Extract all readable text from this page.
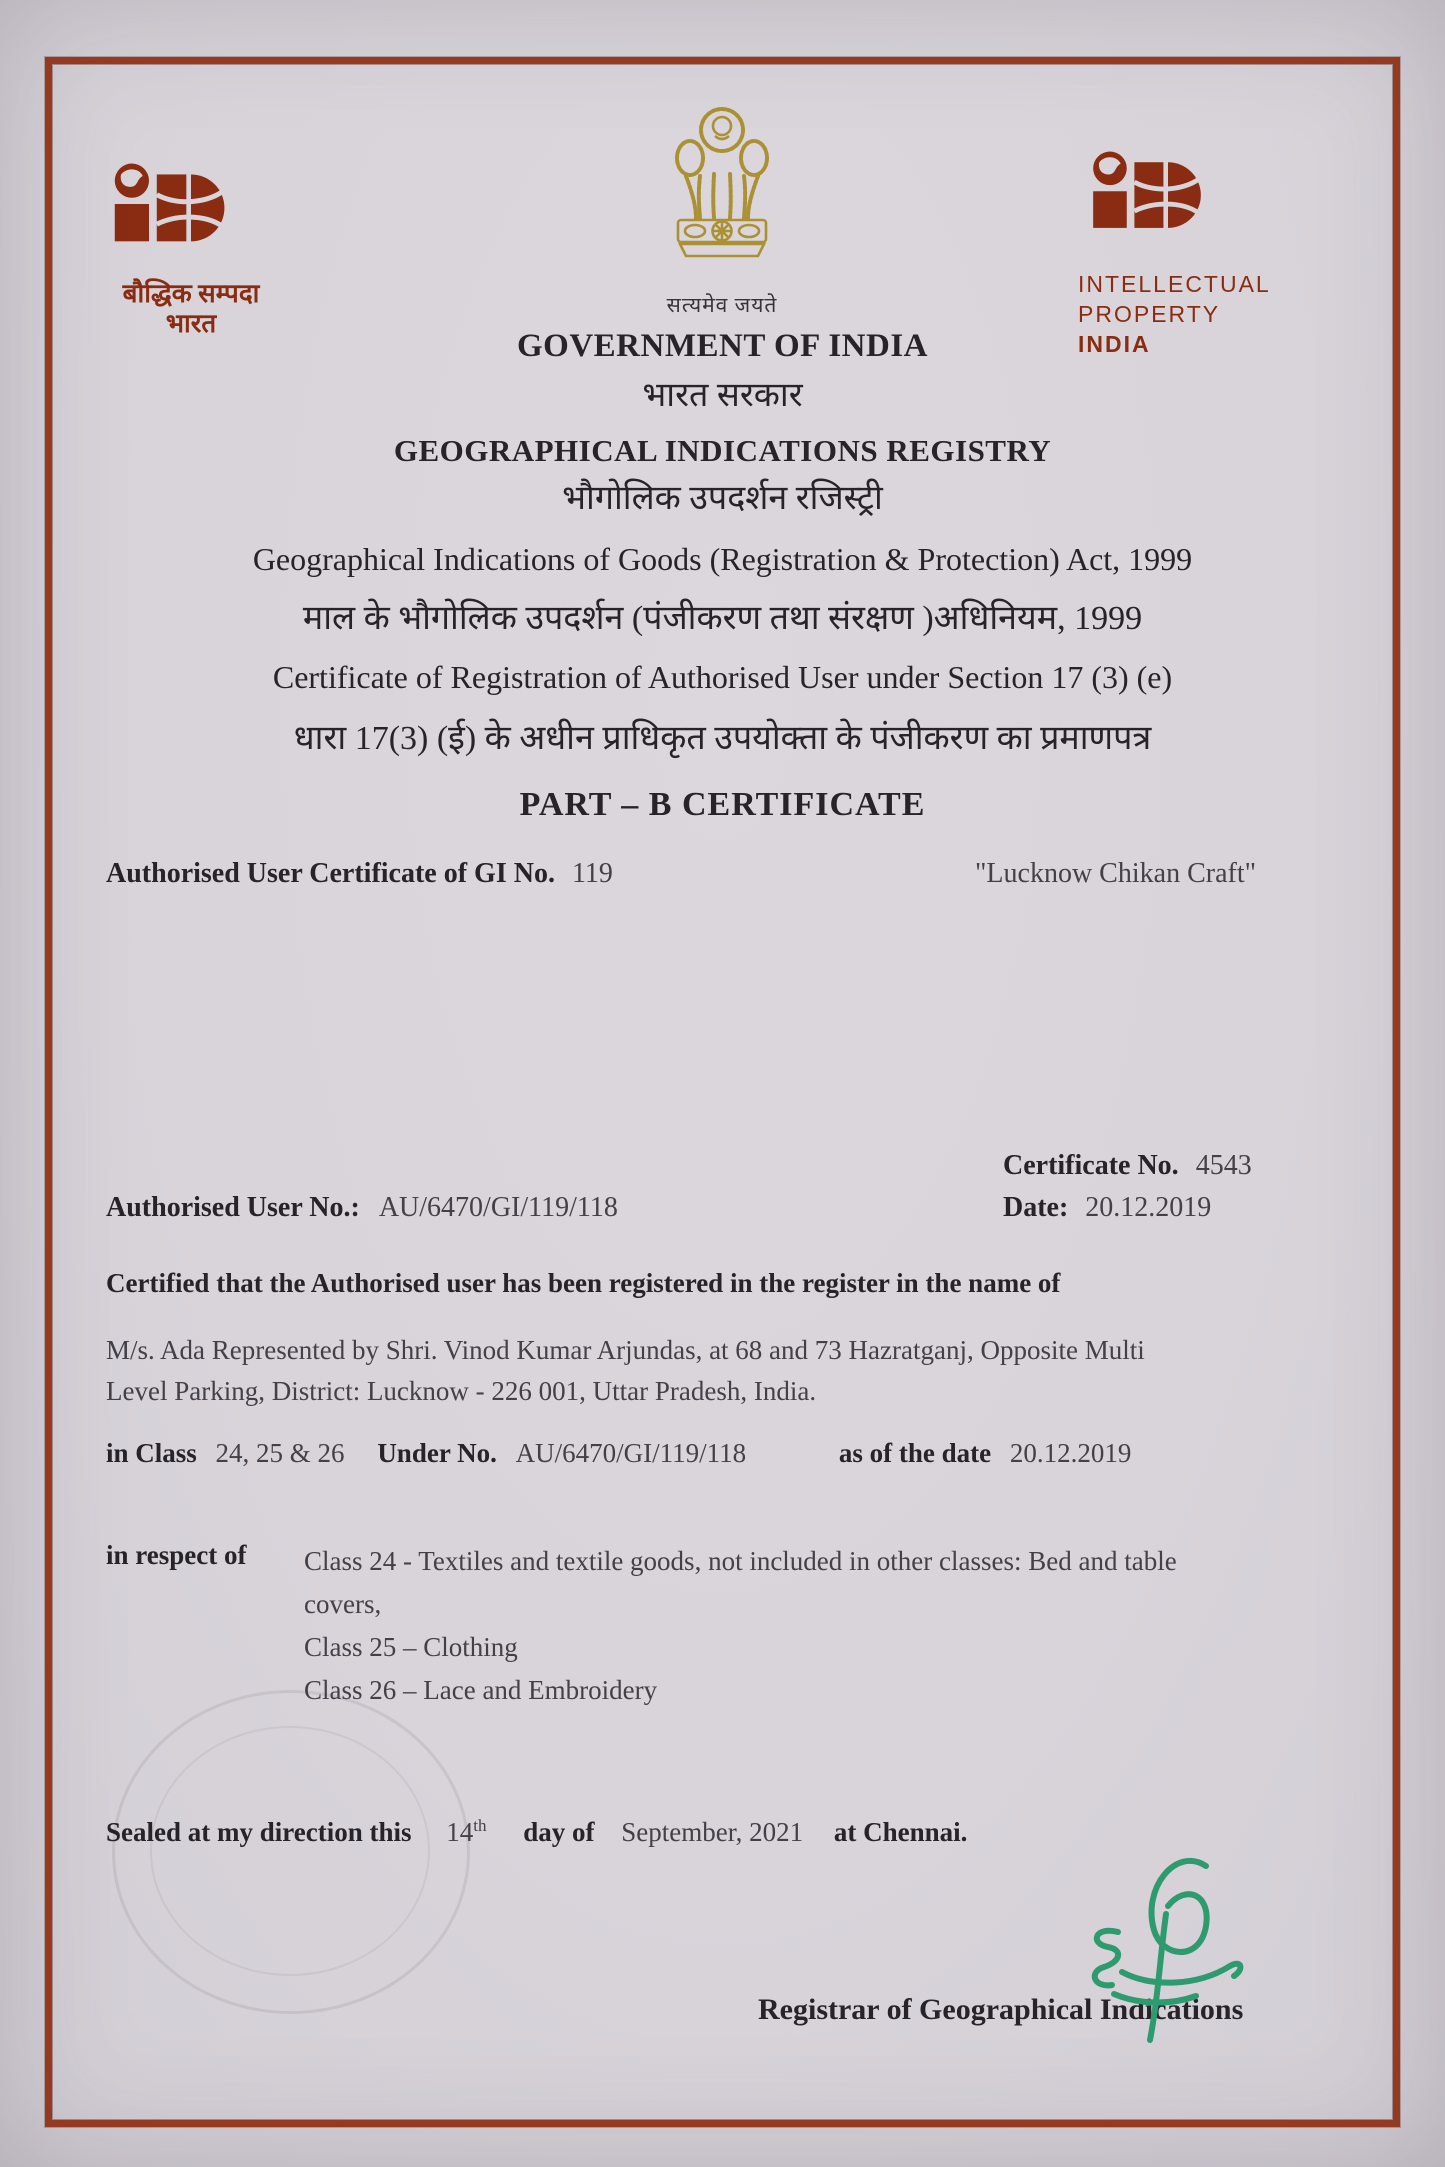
बौद्धिक सम्पदा
भारत
सत्यमेव जयते
INTELLECTUAL
PROPERTY INDIA
GOVERNMENT OF INDIA
भारत सरकार
GEOGRAPHICAL INDICATIONS REGISTRY
भौगोलिक उपदर्शन रजिस्ट्री
Geographical Indications of Goods (Registration & Protection) Act, 1999
माल के भौगोलिक उपदर्शन (पंजीकरण तथा संरक्षण )अधिनियम, 1999
Certificate of Registration of Authorised User under Section 17 (3) (e)
धारा 17(3) (ई) के अधीन प्राधिकृत उपयोक्ता के पंजीकरण का प्रमाणपत्र
PART – B CERTIFICATE
Authorised User Certificate of GI No. 119	"Lucknow Chikan Craft"
Certificate No. 4543
Authorised User No.: AU/6470/GI/119/118	Date: 20.12.2019
Certified that the Authorised user has been registered in the register in the name of
M/s. Ada Represented by Shri. Vinod Kumar Arjundas, at 68 and 73 Hazratganj, Opposite Multi
Level Parking, District: Lucknow - 226 001, Uttar Pradesh, India.
in Class 24, 25 & 26 Under No. AU/6470/GI/119/118	as of the date 20.12.2019
in respect of Class 24 - Textiles and textile goods, not included in other classes: Bed and table
covers,
Class 25 – Clothing
Class 26 – Lace and Embroidery
Sealed at my direction this 14th day of September, 2021 at Chennai.
Registrar of Geographical Indications
